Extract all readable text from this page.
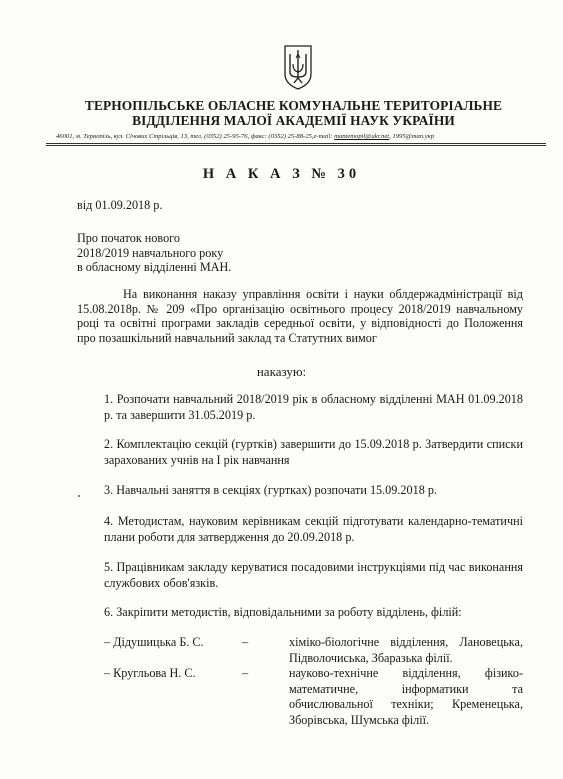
ТЕРНОПІЛЬСЬКЕ ОБЛАСНЕ КОМУНАЛЬНЕ ТЕРИТОРІАЛЬНЕ
ВІДДІЛЕННЯ МАЛОЇ АКАДЕМІЇ НАУК УКРАЇНИ
46001, м. Тернопіль, вул. Січових Стрільців, 13, тел. (0352) 25-95-76, факс: (0352) 25-88-25,e-mail: mantemopil@ukr.net, 1995@man.укр
Н А К А З № 30
від 01.09.2018 р.
Про початок нового
2018/2019 навчального року
в обласному відділенні МАН.
На виконання наказу управління освіти і науки облдержадміністрації від 15.08.2018р. № 209 «Про організацію освітнього процесу 2018/2019 навчальному році та освітні програми закладів середньої освіти, у відповідності до Положення про позашкільний навчальний заклад та Статутних вимог
наказую:
1. Розпочати навчальний 2018/2019 рік в обласному відділенні МАН 01.09.2018 р. та завершити 31.05.2019 р.
2. Комплектацію секцій (гуртків) завершити до 15.09.2018 р. Затвердити списки зарахованих учнів на І рік навчання
3. Навчальні заняття в секціях (гуртках) розпочати 15.09.2018 р.
4. Методистам, науковим керівникам секцій підготувати календарно-тематичні плани роботи для затвердження до 20.09.2018 р.
5. Працівникам закладу керуватися посадовими інструкціями під час виконання службових обов'язків.
6. Закріпити методистів, відповідальними за роботу відділень, філій:
– Дідушицька Б. С.	–	хіміко-біологічне відділення, Лановецька, Підволочиська, Збаразька філії.
– Кругльова Н. С.	–	науково-технічне відділення, фізико-математичне, інформатики та обчислювальної техніки; Кременецька, Зборівська, Шумська філії.
